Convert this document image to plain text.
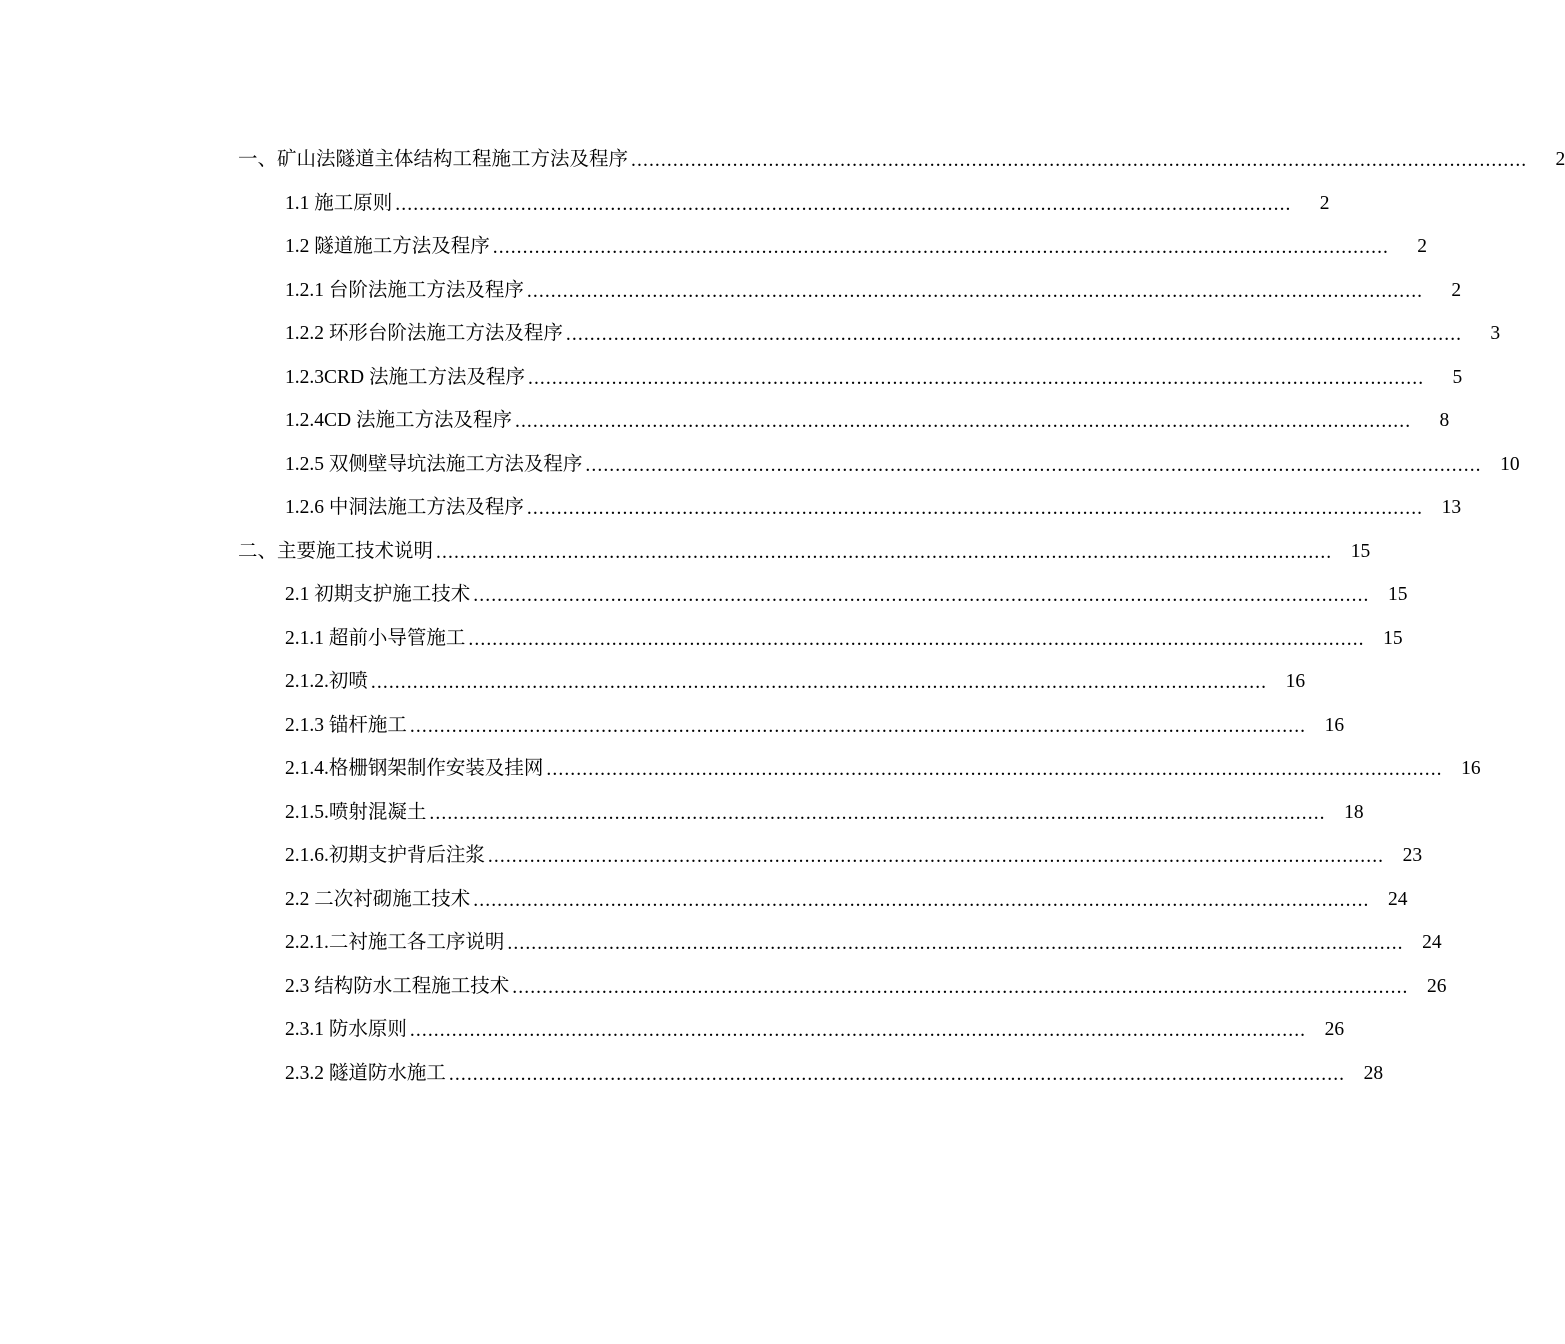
一、矿山法隧道主体结构工程施工方法及程序 ......................................................................................................................................................	2
1.1 施工原则 ......................................................................................................................................................	2
1.2 隧道施工方法及程序 ......................................................................................................................................................	2
1.2.1 台阶法施工方法及程序 ......................................................................................................................................................	2
1.2.2 环形台阶法施工方法及程序 ......................................................................................................................................................	3
1.2.3CRD 法施工方法及程序 ......................................................................................................................................................	5
1.2.4CD 法施工方法及程序 ......................................................................................................................................................	8
1.2.5 双侧壁导坑法施工方法及程序 ...................................................................................................................................................... 10
1.2.6 中洞法施工方法及程序 ...................................................................................................................................................... 13
二、主要施工技术说明 ...................................................................................................................................................... 15
2.1 初期支护施工技术 ...................................................................................................................................................... 15
2.1.1 超前小导管施工 ...................................................................................................................................................... 15
2.1.2.初喷 ...................................................................................................................................................... 16
2.1.3 锚杆施工 ...................................................................................................................................................... 16
2.1.4.格栅钢架制作安装及挂网 ...................................................................................................................................................... 16
2.1.5.喷射混凝土 ...................................................................................................................................................... 18
2.1.6.初期支护背后注浆 ...................................................................................................................................................... 23
2.2 二次衬砌施工技术 ...................................................................................................................................................... 24
2.2.1.二衬施工各工序说明 ...................................................................................................................................................... 24
2.3 结构防水工程施工技术 ...................................................................................................................................................... 26
2.3.1 防水原则 ...................................................................................................................................................... 26
2.3.2 隧道防水施工 ...................................................................................................................................................... 28
